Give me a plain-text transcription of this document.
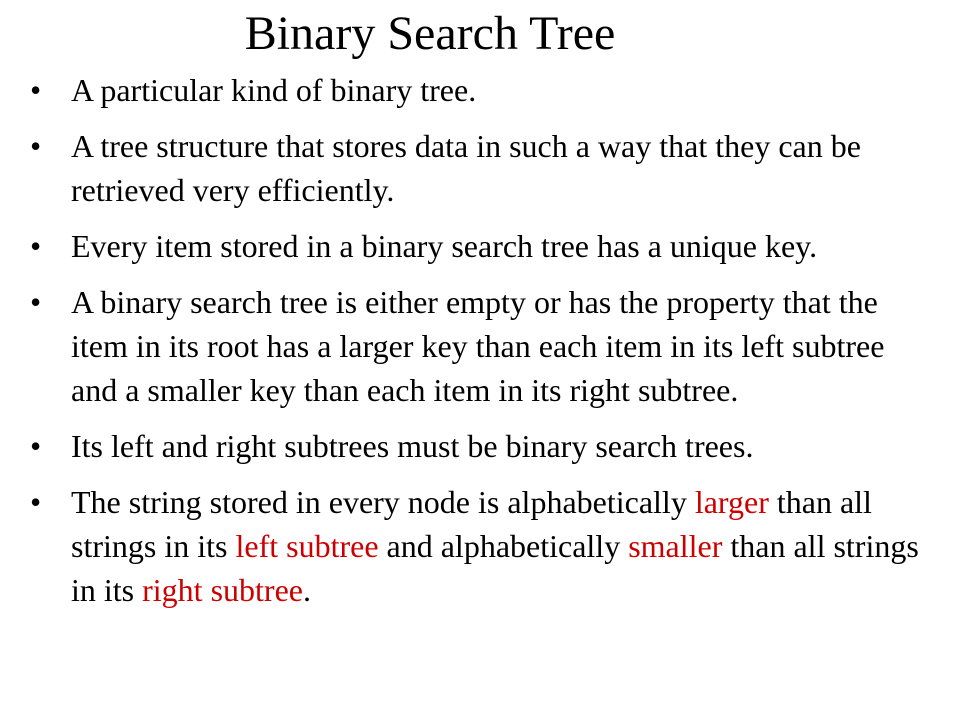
Binary Search Tree
• A particular kind of binary tree.
• A tree structure that stores data in such a way that they can be retrieved very efficiently.
• Every item stored in a binary search tree has a unique key.
• A binary search tree is either empty or has the property that the item in its root has a larger key than each item in its left subtree and a smaller key than each item in its right subtree.
• Its left and right subtrees must be binary search trees.
• The string stored in every node is alphabetically larger than all strings in its left subtree and alphabetically smaller than all strings in its right subtree.
